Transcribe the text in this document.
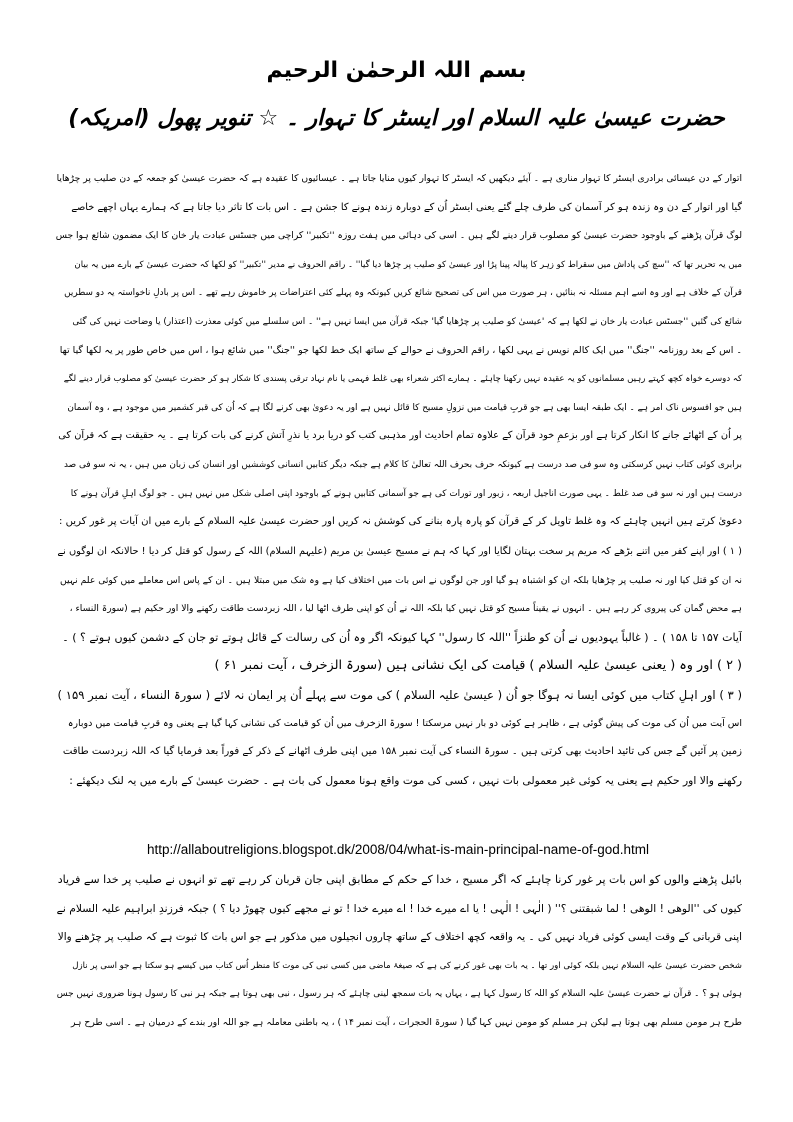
بسم اللہ الرحمٰن الرحیم
حضرت عیسیٰ علیہ السلام اور ایسٹر کا تہوار ۔ ☆ تنویر پھول (امریکہ)
اتوار کے دن عیسائی برادری ایسٹر کا تہوار مناری ہے ۔ آیئے دیکھیں کہ ایسٹر کا تہوار کیوں منایا جاتا ہے ۔ عیسائیوں کا عقیدہ ہے کہ حضرت عیسیٰ کو جمعہ کے دن صلیب پر چڑھایا
گیا اور اتوار کے دن وہ زندہ ہو کر آسمان کی طرف چلے گئے یعنی ایسٹر اُن کے دوبارہ زندہ ہونے کا جشن ہے ۔ اس بات کا تاثر دیا جاتا ہے کہ ہمارے یہاں اچھے خاصے
لوگ قرآن پڑھنے کے باوجود حضرت عیسیٰ کو مصلوب قرار دینے لگے ہیں ۔ اسی کی دہائی میں ہفت روزہ ''تکبیر'' کراچی میں جسٹس عبادت یار خان کا ایک مضمون شائع ہوا جس
میں یہ تحریر تھا کہ ''سچ کی پاداش میں سقراط کو زہر کا پیالہ پینا پڑا اور عیسیٰ کو صلیب پر چڑھا دیا گیا'' ۔ راقم الحروف نے مدیر ''تکبیر'' کو لکھا کہ حضرت عیسیٰ کے بارے میں یہ بیان
قرآن کے خلاف ہے اور وہ اسے اہم مسئلہ نہ بنائیں ، ہر صورت میں اس کی تصحیح شائع کریں کیونکہ وہ پہلے کئی اعتراضات پر خاموش رہے تھے ۔ اس پر بادلِ ناخواستہ یہ دو سطریں
شائع کی گئیں ''جسٹس عبادت یار خان نے لکھا ہے کہ 'عیسیٰ کو صلیب پر چڑھایا گیا' جبکہ قرآن میں ایسا نہیں ہے'' ۔ اس سلسلے میں کوئی معذرت (اعتذار) یا وضاحت نہیں کی گئی
۔ اس کے بعد روزنامہ ''جنگ'' میں ایک کالم نویس نے یہی لکھا ، راقم الحروف نے حوالے کے ساتھ ایک خط لکھا جو ''جنگ'' میں شائع ہوا ، اس میں خاص طور پر یہ لکھا گیا تھا
کہ دوسرے خواہ کچھ کہتے رہیں مسلمانوں کو یہ عقیدہ نہیں رکھنا چاہئے ۔ ہمارے اکثر شعراء بھی غلط فہمی یا نام نہاد ترقی پسندی کا شکار ہو کر حضرت عیسیٰ کو مصلوب قرار دینے لگے
ہیں جو افسوس ناک امر ہے ۔ ایک طبقہ ایسا بھی ہے جو قربِ قیامت میں نزولِ مسیح کا قائل نہیں ہے اور یہ دعویٰ بھی کرنے لگا ہے کہ اُن کی قبر کشمیر میں موجود ہے ، وہ آسمان
پر اُن کے اٹھائے جانے کا انکار کرتا ہے اور بزعمِ خود قرآن کے علاوہ تمام احادیث اور مذہبی کتب کو دریا برد یا نذرِ آتش کرنے کی بات کرتا ہے ۔ یہ حقیقت ہے کہ قرآن کی
برابری کوئی کتاب نہیں کرسکتی وہ سو فی صد درست ہے کیونکہ حرف بحرف اللہ تعالیٰ کا کلام ہے جبکہ دیگر کتابیں انسانی کوششیں اور انسان کی زبان میں ہیں ، یہ نہ سو فی صد
درست ہیں اور نہ سو فی صد غلط ۔ یہی صورت اناجیل اربعہ ، زبور اور تورات کی ہے جو آسمانی کتابیں ہونے کے باوجود اپنی اصلی شکل میں نہیں ہیں ۔ جو لوگ اہلِ قرآن ہونے کا
دعویٰ کرتے ہیں انہیں چاہئے کہ وہ غلط تاویل کر کے قرآن کو پارہ پارہ بنانے کی کوشش نہ کریں اور حضرت عیسیٰ علیہ السلام کے بارے میں ان آیات پر غور کریں :
( ۱ ) اور اپنے کفر میں اتنے بڑھے کہ مریم پر سخت بہتان لگایا اور کہا کہ ہم نے مسیح عیسیٰ بن مریم (علیہم السلام) اللہ کے رسول کو قتل کر دیا ! حالانکہ ان لوگوں نے
نہ ان کو قتل کیا اور نہ صلیب پر چڑھایا بلکہ ان کو اشتباہ ہو گیا اور جن لوگوں نے اس بات میں اختلاف کیا ہے وہ شک میں مبتلا ہیں ۔ ان کے پاس اس معاملے میں کوئی علم نہیں
ہے محض گمان کی پیروی کر رہے ہیں ۔ انہوں نے یقیناً مسیح کو قتل نہیں کیا بلکہ اللہ نے اُن کو اپنی طرف اٹھا لیا ، اللہ زبردست طاقت رکھنے والا اور حکیم ہے (سورۃ النساء ،
آیات ۱۵۷ تا ۱۵۸ ) ۔ ( غالباً یہودیوں نے اُن کو طنزاً ''اللہ کا رسول'' کہا کیونکہ اگر وہ اُن کی رسالت کے قائل ہوتے تو جان کے دشمن کیوں ہوتے ؟ ) ۔
( ۲ ) اور وہ ( یعنی عیسیٰ علیہ السلام ) قیامت کی ایک نشانی ہیں (سورۃ الزخرف ، آیت نمبر ۶۱ )
( ۳ ) اور اہلِ کتاب میں کوئی ایسا نہ ہوگا جو اُن ( عیسیٰ علیہ السلام ) کی موت سے پہلے اُن پر ایمان نہ لائے ( سورۃ النساء ، آیت نمبر ۱۵۹ )
اس آیت میں اُن کی موت کی پیش گوئی ہے ، ظاہر ہے کوئی دو بار نہیں مرسکتا ! سورۃ الزخرف میں اُن کو قیامت کی نشانی کہا گیا ہے یعنی وہ قربِ قیامت میں دوبارہ
زمین پر آئیں گے جس کی تائید احادیث بھی کرتی ہیں ۔ سورۃ النساء کی آیت نمبر ۱۵۸ میں اپنی طرف اٹھانے کے ذکر کے فوراً بعد فرمایا گیا کہ اللہ زبردست طاقت
رکھنے والا اور حکیم ہے یعنی یہ کوئی غیر معمولی بات نہیں ، کسی کی موت واقع ہونا معمول کی بات ہے ۔ حضرت عیسیٰ کے بارے میں یہ لنک دیکھئے :
http://allaboutreligions.blogspot.dk/2008/04/what-is-main-principal-name-of-god.html
بائبل پڑھنے والوں کو اس بات پر غور کرنا چاہئے کہ اگر مسیح ، خدا کے حکم کے مطابق اپنی جان قربان کر رہے تھے تو انہوں نے صلیب پر خدا سے فریاد
کیوں کی ''الوھی ! الوھی ! لما شبقتنی ؟'' ( الٰہی ! الٰہی ! یا اے میرے خدا ! اے میرے خدا ! تو نے مجھے کیوں چھوڑ دیا ؟ ) جبکہ فرزندِ ابراہیم علیہ السلام نے
اپنی قربانی کے وقت ایسی کوئی فریاد نہیں کی ۔ یہ واقعہ کچھ اختلاف کے ساتھ چاروں انجیلوں میں مذکور ہے جو اس بات کا ثبوت ہے کہ صلیب پر چڑھنے والا
شخص حضرت عیسیٰ علیہ السلام نہیں بلکہ کوئی اور تھا ۔ یہ بات بھی غور کرنے کی ہے کہ صیغۂ ماضی میں کسی نبی کی موت کا منظر اُس کتاب میں کیسے ہو سکتا ہے جو اسی پر نازل
ہوئی ہو ؟ ۔ قرآن نے حضرت عیسیٰ علیہ السلام کو اللہ کا رسول کہا ہے ، یہاں یہ بات سمجھ لینی چاہئے کہ ہر رسول ، نبی بھی ہوتا ہے جبکہ ہر نبی کا رسول ہونا ضروری نہیں جس
طرح ہر مومن مسلم بھی ہوتا ہے لیکن ہر مسلم کو مومن نہیں کہا گیا ( سورۃ الحجرات ، آیت نمبر ۱۴ ) ، یہ باطنی معاملہ ہے جو اللہ اور بندے کے درمیان ہے ۔ اسی طرح ہر
